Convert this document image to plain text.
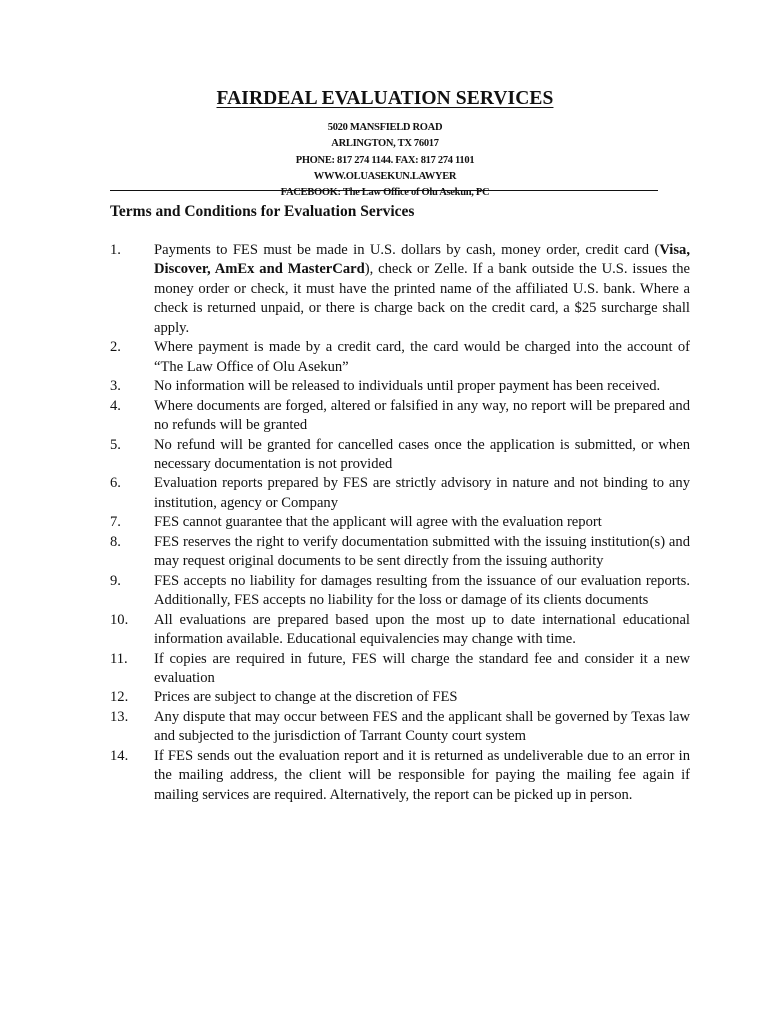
FAIRDEAL EVALUATION SERVICES
5020 MANSFIELD ROAD
ARLINGTON, TX 76017
PHONE: 817 274 1144. FAX: 817 274 1101
WWW.OLUASEKUN.LAWYER
FACEBOOK: The Law Office of Olu Asekun, PC
Terms and Conditions for Evaluation Services
1. Payments to FES must be made in U.S. dollars by cash, money order, credit card (Visa, Discover, AmEx and MasterCard), check or Zelle. If a bank outside the U.S. issues the money order or check, it must have the printed name of the affiliated U.S. bank. Where a check is returned unpaid, or there is charge back on the credit card, a $25 surcharge shall apply.
2. Where payment is made by a credit card, the card would be charged into the account of “The Law Office of Olu Asekun”
3. No information will be released to individuals until proper payment has been received.
4. Where documents are forged, altered or falsified in any way, no report will be prepared and no refunds will be granted
5. No refund will be granted for cancelled cases once the application is submitted, or when necessary documentation is not provided
6. Evaluation reports prepared by FES are strictly advisory in nature and not binding to any institution, agency or Company
7. FES cannot guarantee that the applicant will agree with the evaluation report
8. FES reserves the right to verify documentation submitted with the issuing institution(s) and may request original documents to be sent directly from the issuing authority
9. FES accepts no liability for damages resulting from the issuance of our evaluation reports. Additionally, FES accepts no liability for the loss or damage of its clients documents
10. All evaluations are prepared based upon the most up to date international educational information available. Educational equivalencies may change with time.
11. If copies are required in future, FES will charge the standard fee and consider it a new evaluation
12. Prices are subject to change at the discretion of FES
13. Any dispute that may occur between FES and the applicant shall be governed by Texas law and subjected to the jurisdiction of Tarrant County court system
14. If FES sends out the evaluation report and it is returned as undeliverable due to an error in the mailing address, the client will be responsible for paying the mailing fee again if mailing services are required. Alternatively, the report can be picked up in person.
